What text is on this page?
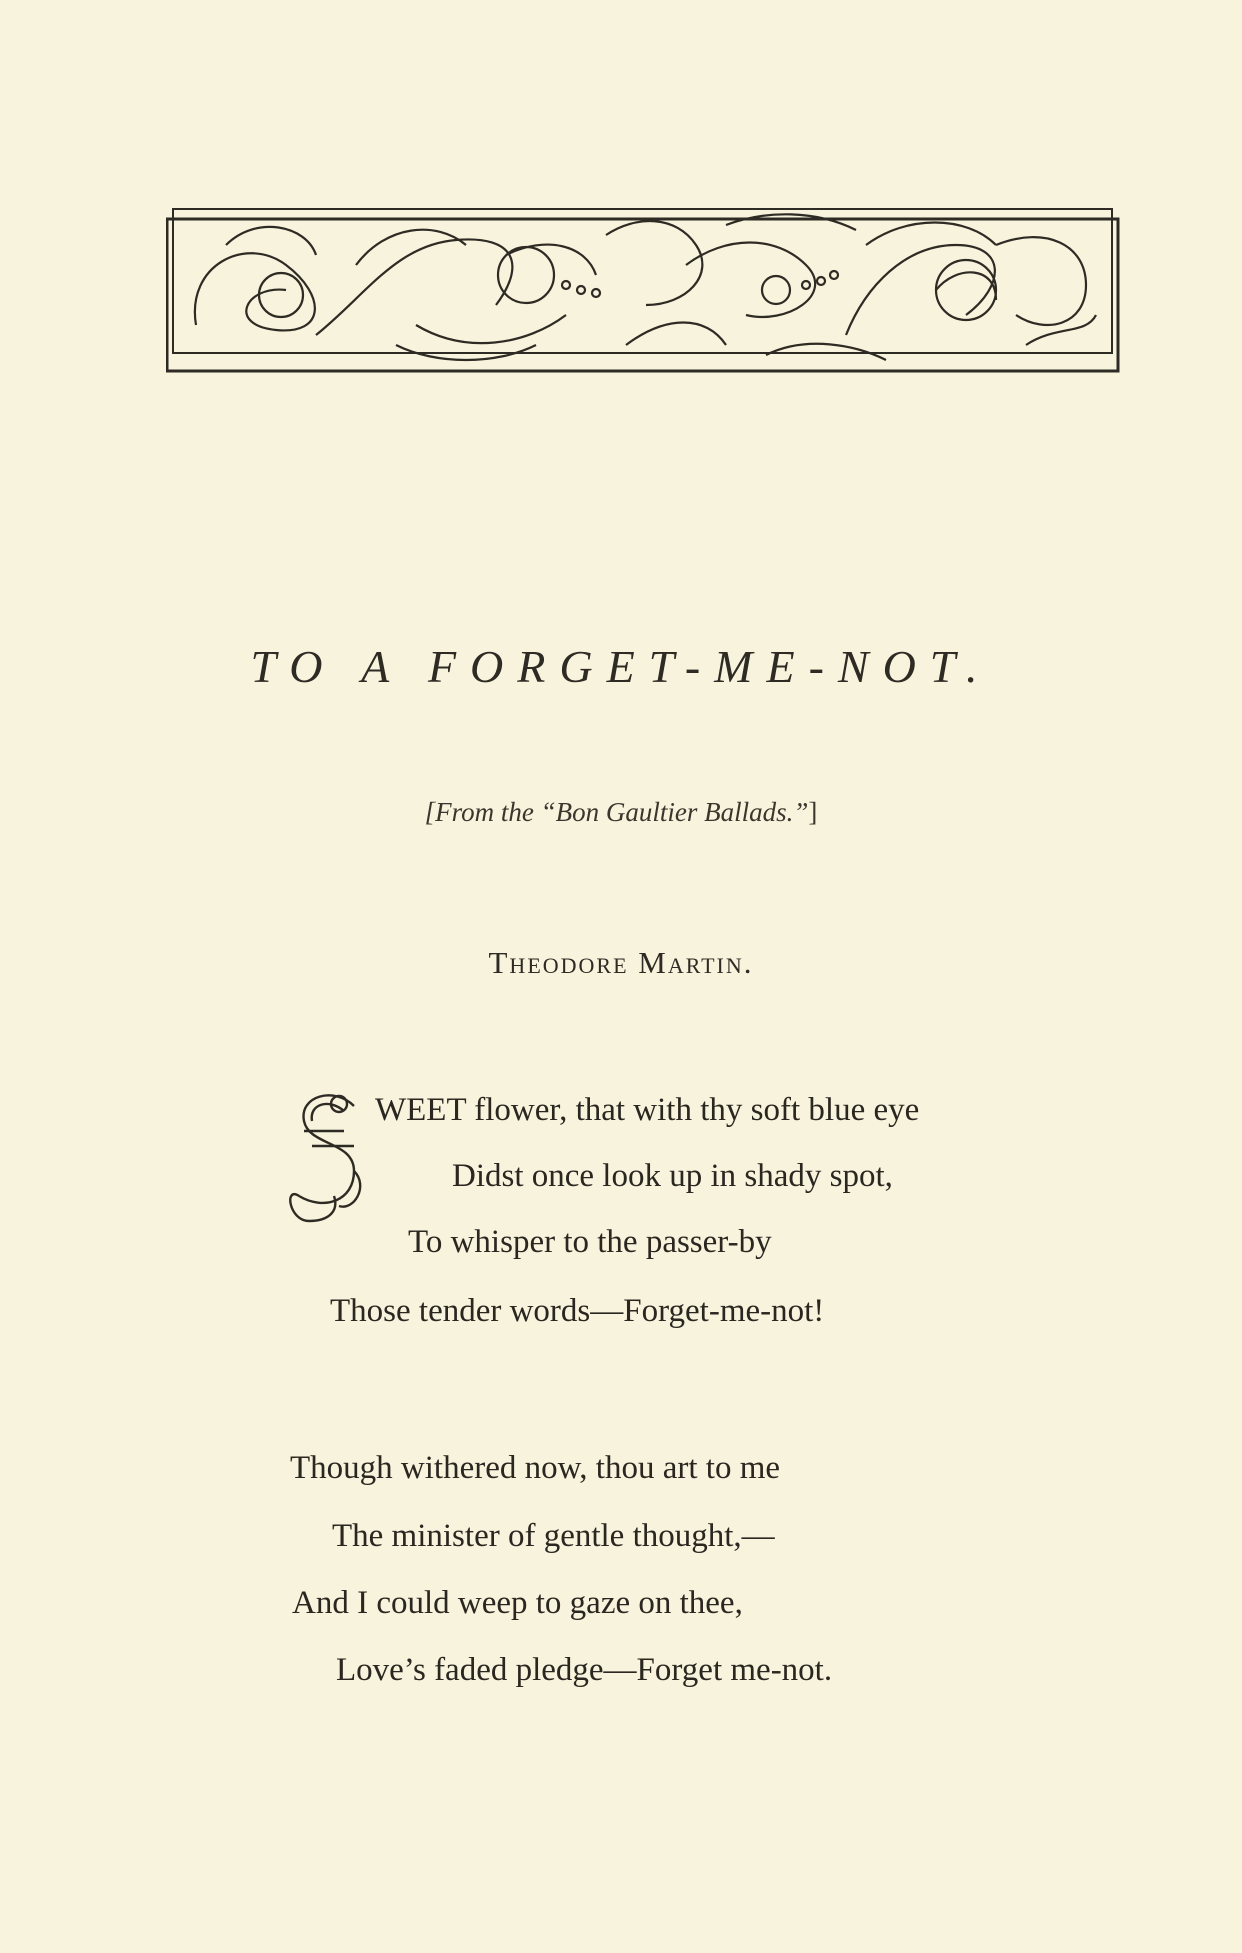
TO A FORGET-ME-NOT.
[From the “Bon Gaultier Ballads.”]
Theodore Martin.
WEET flower, that with thy soft blue eye
Didst once look up in shady spot,
To whisper to the passer-by
Those tender words—Forget-me-not!
Though withered now, thou art to me
The minister of gentle thought,—
And I could weep to gaze on thee,
Love’s faded pledge—Forget me-not.
